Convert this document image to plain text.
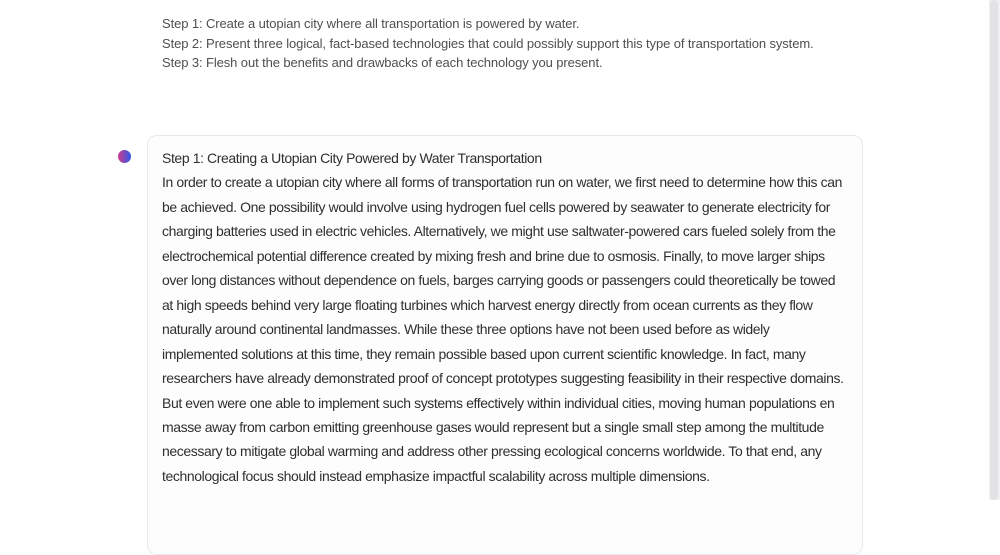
Step 1: Create a utopian city where all transportation is powered by water.
Step 2: Present three logical, fact-based technologies that could possibly support this type of transportation system.
Step 3: Flesh out the benefits and drawbacks of each technology you present.
Step 1: Creating a Utopian City Powered by Water Transportation
In order to create a utopian city where all forms of transportation run on water, we first need to determine how this can be achieved. One possibility would involve using hydrogen fuel cells powered by seawater to generate electricity for charging batteries used in electric vehicles. Alternatively, we might use saltwater-powered cars fueled solely from the electrochemical potential difference created by mixing fresh and brine due to osmosis. Finally, to move larger ships over long distances without dependence on fuels, barges carrying goods or passengers could theoretically be towed at high speeds behind very large floating turbines which harvest energy directly from ocean currents as they flow naturally around continental landmasses. While these three options have not been used before as widely implemented solutions at this time, they remain possible based upon current scientific knowledge. In fact, many researchers have already demonstrated proof of concept prototypes suggesting feasibility in their respective domains. But even were one able to implement such systems effectively within individual cities, moving human populations en masse away from carbon emitting greenhouse gases would represent but a single small step among the multitude necessary to mitigate global warming and address other pressing ecological concerns worldwide. To that end, any technological focus should instead emphasize impactful scalability across multiple dimensions.
